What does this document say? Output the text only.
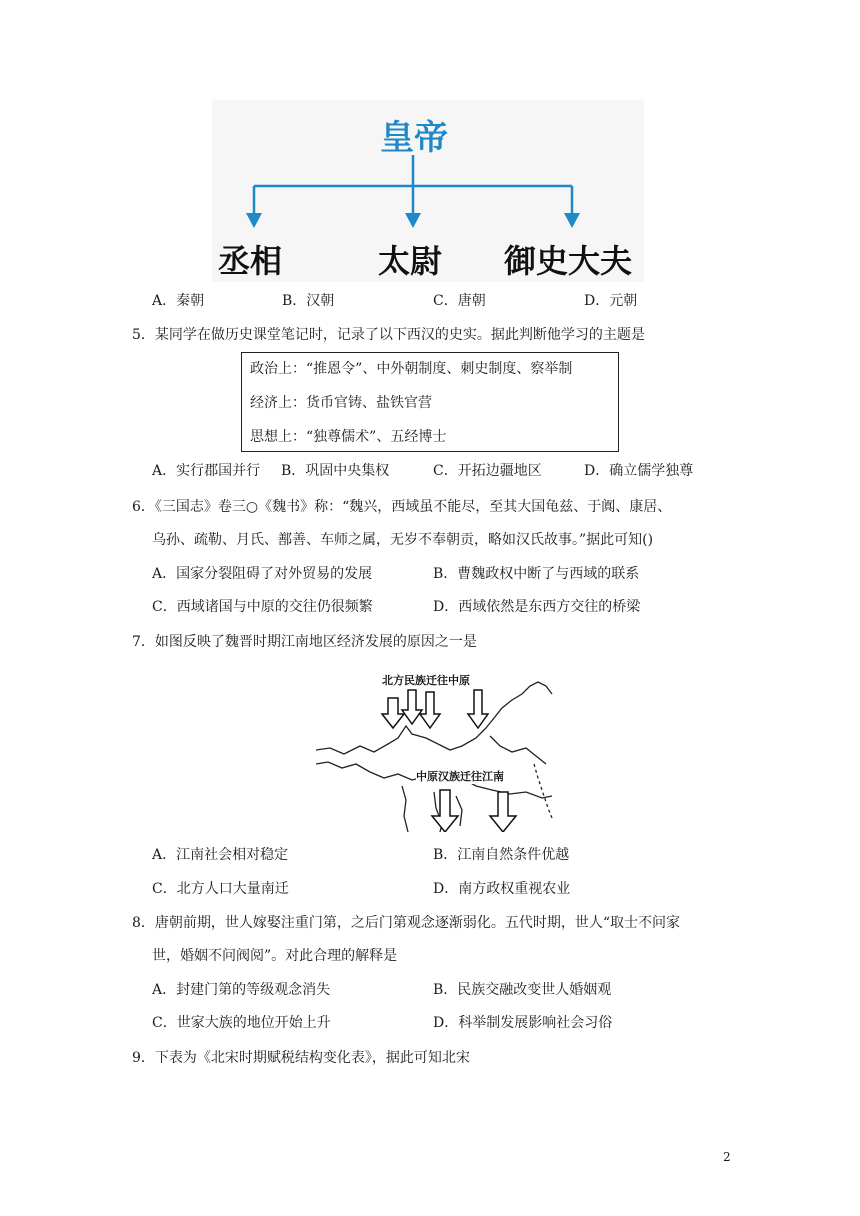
皇帝
丞相	太尉 御史大夫
A．秦朝	B．汉朝	C．唐朝	D．元朝
5．某同学在做历史课堂笔记时，记录了以下西汉的史实。据此判断他学习的主题是
政治上：“推恩令”、中外朝制度、刺史制度、察举制
经济上：货币官铸、盐铁官营
思想上：“独尊儒术”、五经博士
A．实行郡国并行 B．巩固中央集权	C．开拓边疆地区	D．确立儒学独尊
6．《三国志》卷三○《魏书》称：“魏兴，西域虽不能尽，至其大国龟兹、于阗、康居、
乌孙、疏勒、月氏、鄯善、车师之属，无岁不奉朝贡，略如汉氏故事。”据此可知()
A．国家分裂阻碍了对外贸易的发展	B．曹魏政权中断了与西域的联系
C．西域诸国与中原的交往仍很频繁	D．西域依然是东西方交往的桥梁
7．如图反映了魏晋时期江南地区经济发展的原因之一是
北方民族迁往中原
中原汉族迁往江南
A．江南社会相对稳定	B．江南自然条件优越
C．北方人口大量南迁	D．南方政权重视农业
8．唐朝前期，世人嫁娶注重门第，之后门第观念逐渐弱化。五代时期，世人“取士不问家
世，婚姻不问阀阅”。对此合理的解释是
A．封建门第的等级观念消失	B．民族交融改变世人婚姻观
C．世家大族的地位开始上升	D．科举制发展影响社会习俗
9．下表为《北宋时期赋税结构变化表》，据此可知北宋
2
